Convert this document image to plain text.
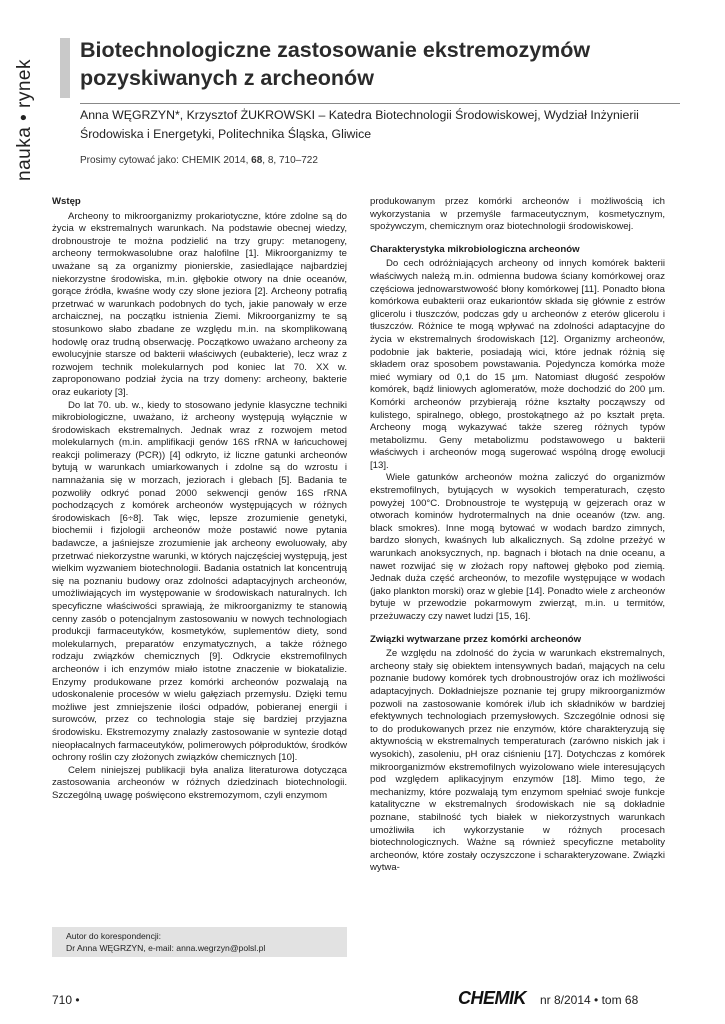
nauka • rynek
Biotechnologiczne zastosowanie ekstremozymów pozyskiwanych z archeonów
Anna WĘGRZYN*, Krzysztof ŻUKROWSKI – Katedra Biotechnologii Środowiskowej, Wydział Inżynierii Środowiska i Energetyki, Politechnika Śląska, Gliwice
Prosimy cytować jako: CHEMIK 2014, 68, 8, 710–722
Wstęp

Archeony to mikroorganizmy prokariotyczne, które zdolne są do życia w ekstremalnych warunkach. Na podstawie obecnej wiedzy, drobnoustroje te można podzielić na trzy grupy: metanogeny, archeony termokwasolubne oraz halofilne [1]. Mikroorganizmy te uważane są za organizmy pionierskie, zasiedlające najbardziej niekorzystne środowiska, m.in. głębokie otwory na dnie oceanów, gorące źródła, kwaśne wody czy słone jeziora [2]. Archeony potrafią przetrwać w warunkach podobnych do tych, jakie panowały w erze archaicznej, na początku istnienia Ziemi. Mikroorganizmy te są stosunkowo słabo zbadane ze względu m.in. na skomplikowaną hodowlę oraz trudną obserwację. Początkowo uważano archeony za ewolucyjnie starsze od bakterii właściwych (eubakterie), lecz wraz z rozwojem technik molekularnych pod koniec lat 70. XX w. zaproponowano podział życia na trzy domeny: archeony, bakterie oraz eukarioty [3].

Do lat 70. ub. w., kiedy to stosowano jedynie klasyczne techniki mikrobiologiczne, uważano, iż archeony występują wyłącznie w środowiskach ekstremalnych. Jednak wraz z rozwojem metod molekularnych (m.in. amplifikacji genów 16S rRNA w łańcuchowej reakcji polimerazy (PCR)) [4] odkryto, iż liczne gatunki archeonów bytują w warunkach umiarkowanych i zdolne są do wzrostu i namnażania się w morzach, jeziorach i glebach [5]. Badania te pozwoliły odkryć ponad 2000 sekwencji genów 16S rRNA pochodzących z komórek archeonów występujących w różnych środowiskach [6÷8]. Tak więc, lepsze zrozumienie genetyki, biochemii i fizjologii archeonów może postawić nowe pytania badawcze, a jaśniejsze zrozumienie jak archeony ewoluowały, aby przetrwać niekorzystne warunki, w których najczęściej występują, jest wielkim wyzwaniem biotechnologii. Badania ostatnich lat koncentrują się na poznaniu budowy oraz zdolności adaptacyjnych archeonów, umożliwiających im występowanie w środowiskach naturalnych. Ich specyficzne właściwości sprawiają, że mikroorganizmy te stanowią cenny zasób o potencjalnym zastosowaniu w nowych technologiach produkcji farmaceutyków, kosmetyków, suplementów diety, sond molekularnych, preparatów enzymatycznych, a także różnego rodzaju związków chemicznych [9]. Odkrycie ekstremofilnych archeonów i ich enzymów miało istotne znaczenie w biokatalizie. Enzymy produkowane przez komórki archeonów pozwalają na udoskonalenie procesów w wielu gałęziach przemysłu. Dzięki temu możliwe jest zmniejszenie ilości odpadów, pobieranej energii i surowców, przez co technologia staje się bardziej przyjazna środowisku. Ekstremozymy znalazły zastosowanie w syntezie dotąd nieopłacalnych farmaceutyków, polimerowych półproduktów, środków ochrony roślin czy złożonych związków chemicznych [10].

Celem niniejszej publikacji była analiza literaturowa dotycząca zastosowania archeonów w różnych dziedzinach biotechnologii. Szczególną uwagę poświęcono ekstremozymom, czyli enzymom

Autor do korespondencji:
Dr Anna WĘGRZYN, e-mail: anna.wegrzyn@polsl.pl

produkowanym przez komórki archeonów i możliwością ich wykorzystania w przemyśle farmaceutycznym, kosmetycznym, spożywczym, chemicznym oraz biotechnologii środowiskowej.

Charakterystyka mikrobiologiczna archeonów

Do cech odróżniających archeony od innych komórek bakterii właściwych należą m.in. odmienna budowa ściany komórkowej oraz częściowa jednowarstwowość błony komórkowej [11]. Ponadto błona komórkowa eubakterii oraz eukariontów składa się głównie z estrów glicerolu i tłuszczów, podczas gdy u archeonów z eterów glicerolu i tłuszczów. Różnice te mogą wpływać na zdolności adaptacyjne do życia w ekstremalnych środowiskach [12]. Organizmy archeonów, podobnie jak bakterie, posiadają wici, które jednak różnią się składem oraz sposobem powstawania. Pojedyncza komórka może mieć wymiary od 0,1 do 15 µm. Natomiast długość zespołów komórek, bądź liniowych aglomeratów, może dochodzić do 200 µm. Komórki archeonów przybierają różne kształty począwszy od kulistego, spiralnego, obłego, prostokątnego aż po kształt prętа. Archeony mogą wykazywać także szereg różnych typów metabolizmu. Geny metabolizmu podstawowego u bakterii właściwych i archeonów mogą sugerować wspólną drogę ewolucji [13].

Wiele gatunków archeonów można zaliczyć do organizmów ekstremofilnych, bytujących w wysokich temperaturach, często powyżej 100°C. Drobnoustroje te występują w gejzerach oraz w otworach kominów hydrotermalnych na dnie oceanów (tzw. ang. black smokres). Inne mogą bytować w wodach bardzo zimnych, bardzo słonych, kwaśnych lub alkalicznych. Są zdolne przeżyć w warunkach anoksycznych, np. bagnach i błotach na dnie oceanu, a nawet rozwijać się w złożach ropy naftowej głęboko pod ziemią. Jednak duża część archeonów, to mezofile występujące w wodach (jako plankton morski) oraz w glebie [14]. Ponadto wiele z archeonów bytuje w przewodzie pokarmowym zwierząt, m.in. u termitów, przeżuwaczy czy nawet ludzi [15, 16].

Związki wytwarzane przez komórki archeonów

Ze względu na zdolność do życia w warunkach ekstremalnych, archeony stały się obiektem intensywnych badań, mających na celu poznanie budowy komórek tych drobnoustrojów oraz ich możliwości adaptacyjnych. Dokładniejsze poznanie tej grupy mikroorganizmów pozwoli na zastosowanie komórek i/lub ich składników w bardziej efektywnych technologiach przemysłowych. Szczególnie odnosi się to do produkowanych przez nie enzymów, które charakteryzują się aktywnością w ekstremalnych temperaturach (zarówno niskich jak i wysokich), zasoleniu, pH oraz ciśnieniu [17]. Dotychczas z komórek mikroorganizmów ekstremofilnych wyizolowano wiele interesujących pod względem aplikacyjnym enzymów [18]. Mimo tego, że mechanizmy, które pozwalają tym enzymom spełniać swoje funkcje katalityczne w ekstremalnych środowiskach nie są dokładnie poznane, stabilność tych białek w niekorzystnych warunkach umożliwiła ich wykorzystanie w różnych procesach biotechnologicznych. Ważne są również specyficzne metabolity archeonów, które zostały oczyszczone i scharakteryzowane. Związki wytwa-

710 •	CHEMIK nr 8/2014 • tom 68
